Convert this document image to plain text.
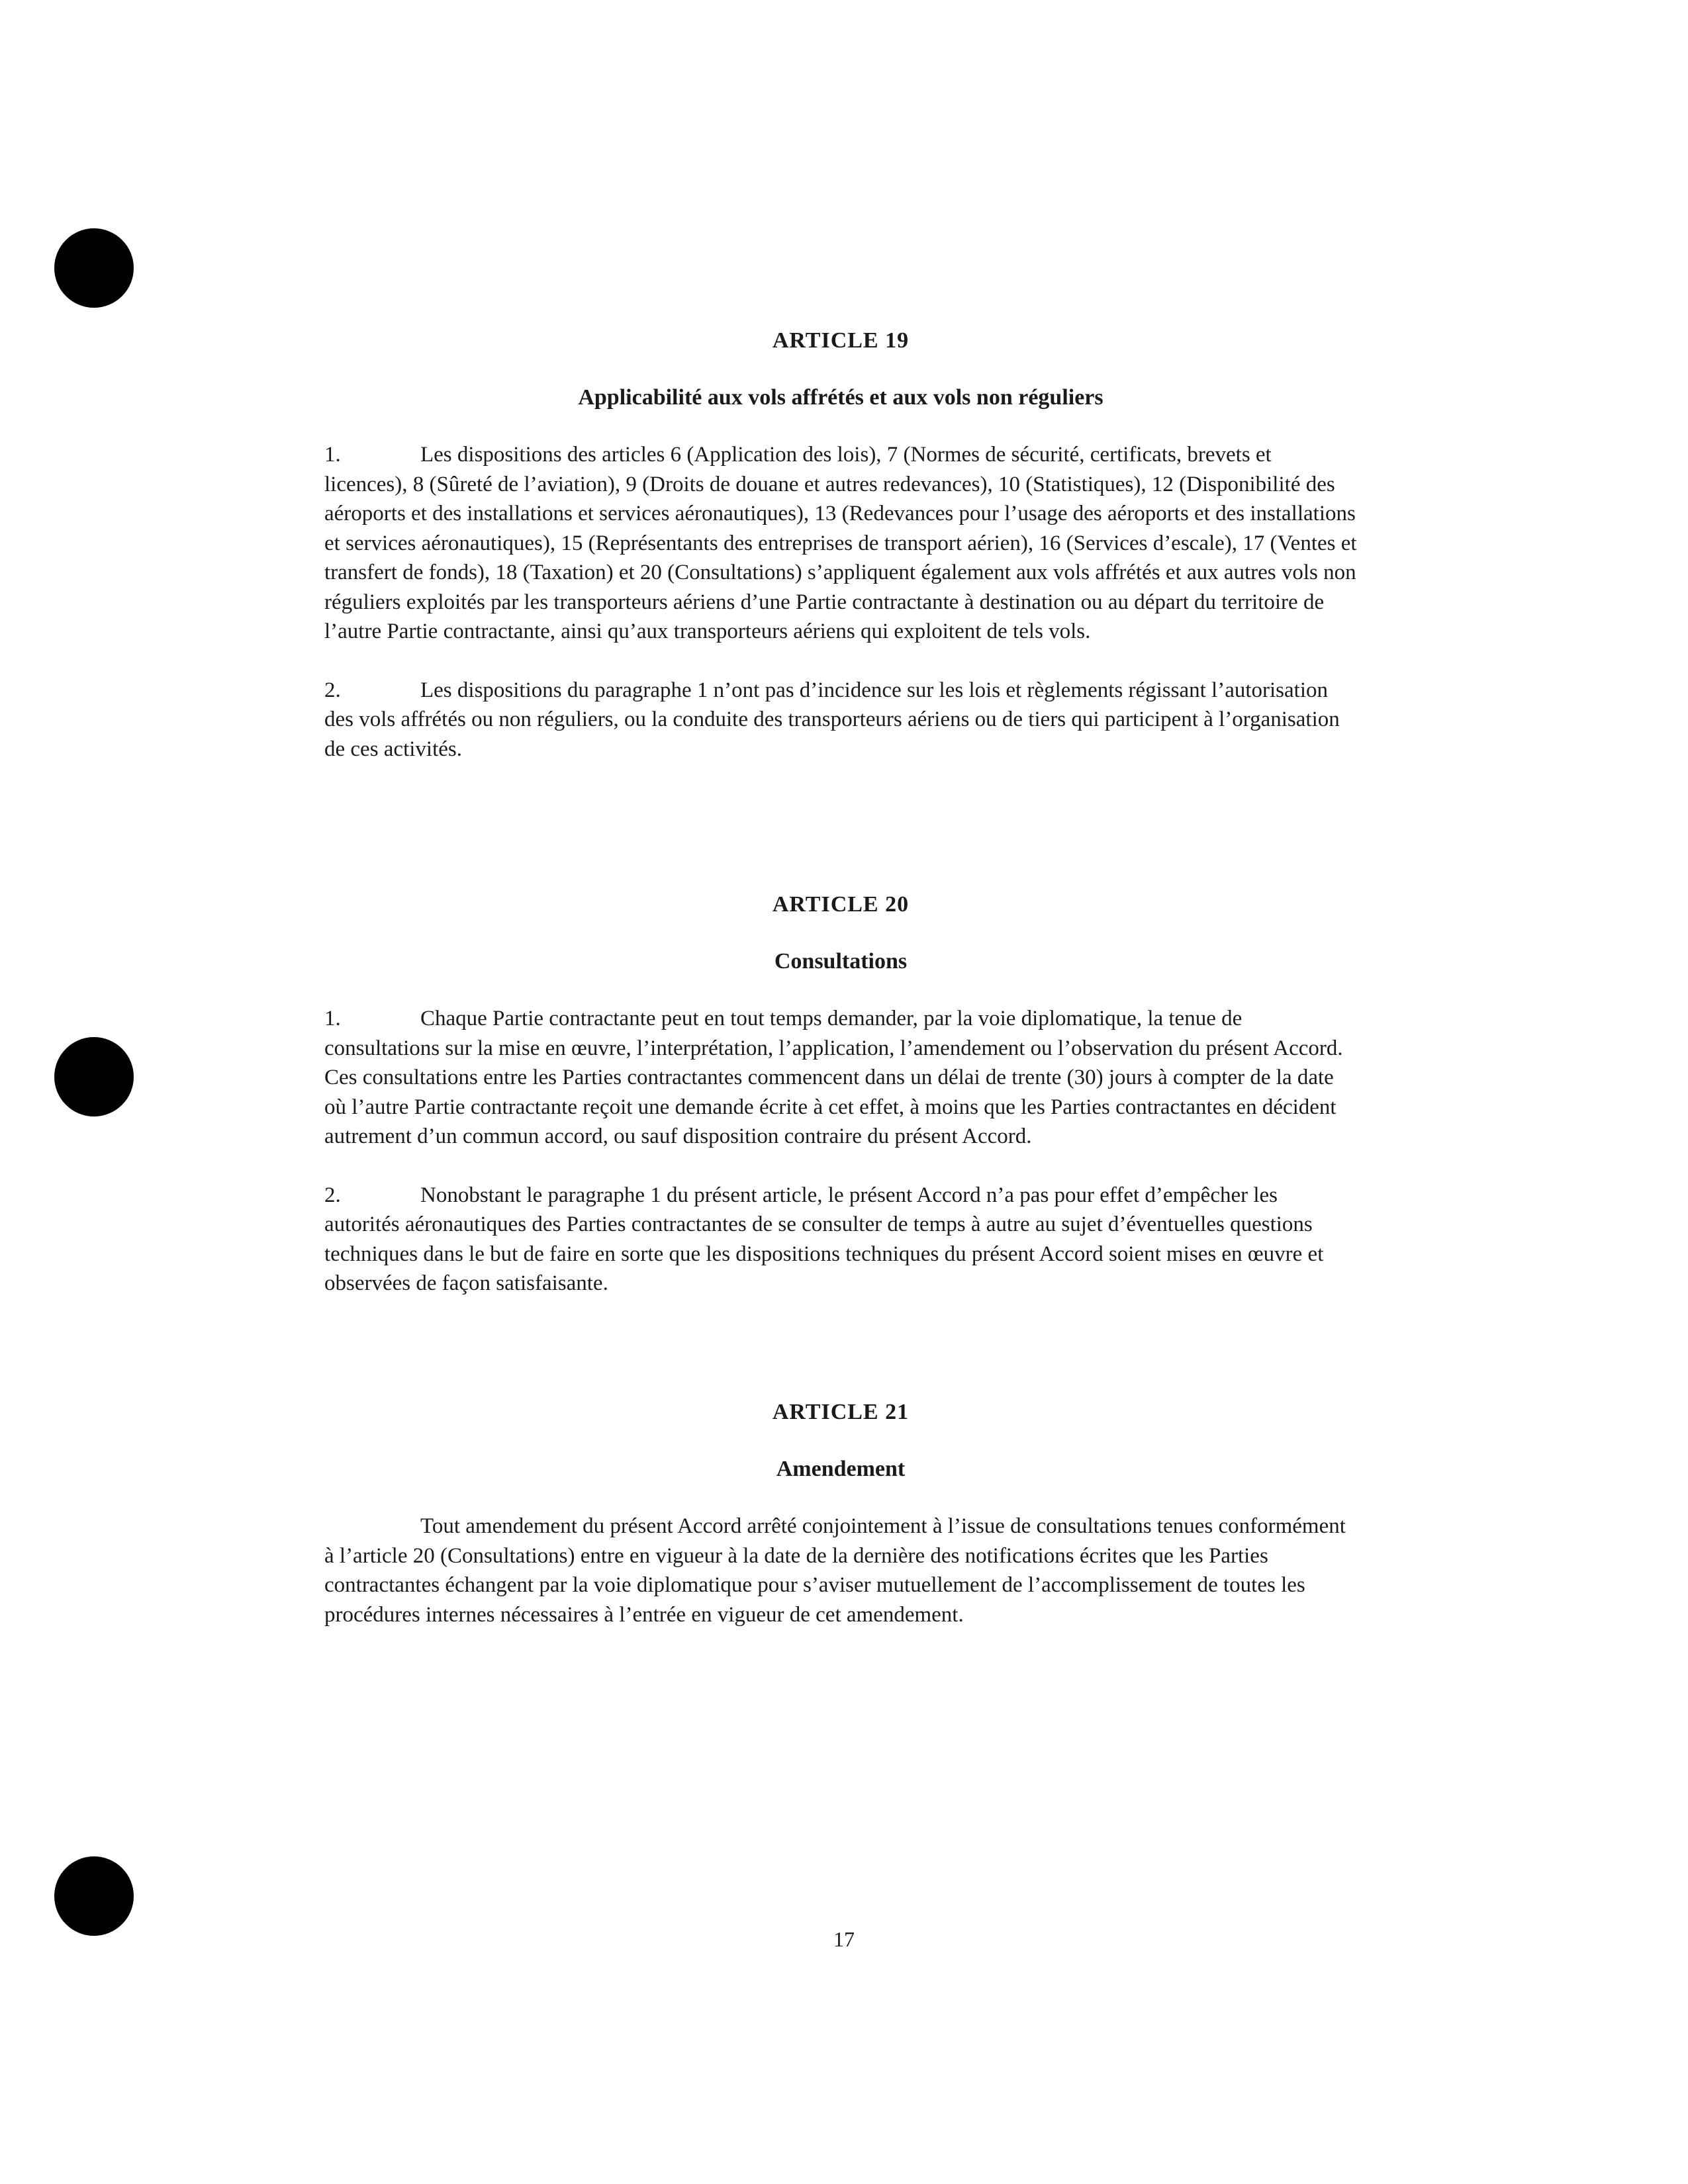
ARTICLE 19
Applicabilité aux vols affrétés et aux vols non réguliers

1.	Les dispositions des articles 6 (Application des lois), 7 (Normes de sécurité, certificats, brevets et licences), 8 (Sûreté de l’aviation), 9 (Droits de douane et autres redevances), 10 (Statistiques), 12 (Disponibilité des aéroports et des installations et services aéronautiques), 13 (Redevances pour l’usage des aéroports et des installations et services aéronautiques), 15 (Représentants des entreprises de transport aérien), 16 (Services d’escale), 17 (Ventes et transfert de fonds), 18 (Taxation) et 20 (Consultations) s’appliquent également aux vols affrétés et aux autres vols non réguliers exploités par les transporteurs aériens d’une Partie contractante à destination ou au départ du territoire de l’autre Partie contractante, ainsi qu’aux transporteurs aériens qui exploitent de tels vols.

2.	Les dispositions du paragraphe 1 n’ont pas d’incidence sur les lois et règlements régissant l’autorisation des vols affrétés ou non réguliers, ou la conduite des transporteurs aériens ou de tiers qui participent à l’organisation de ces activités.

ARTICLE 20
Consultations

1.	Chaque Partie contractante peut en tout temps demander, par la voie diplomatique, la tenue de consultations sur la mise en œuvre, l’interprétation, l’application, l’amendement ou l’observation du présent Accord. Ces consultations entre les Parties contractantes commencent dans un délai de trente (30) jours à compter de la date où l’autre Partie contractante reçoit une demande écrite à cet effet, à moins que les Parties contractantes en décident autrement d’un commun accord, ou sauf disposition contraire du présent Accord.

2.	Nonobstant le paragraphe 1 du présent article, le présent Accord n’a pas pour effet d’empêcher les autorités aéronautiques des Parties contractantes de se consulter de temps à autre au sujet d’éventuelles questions techniques dans le but de faire en sorte que les dispositions techniques du présent Accord soient mises en œuvre et observées de façon satisfaisante.

ARTICLE 21
Amendement

Tout amendement du présent Accord arrêté conjointement à l’issue de consultations tenues conformément à l’article 20 (Consultations) entre en vigueur à la date de la dernière des notifications écrites que les Parties contractantes échangent par la voie diplomatique pour s’aviser mutuellement de l’accomplissement de toutes les procédures internes nécessaires à l’entrée en vigueur de cet amendement.

17
